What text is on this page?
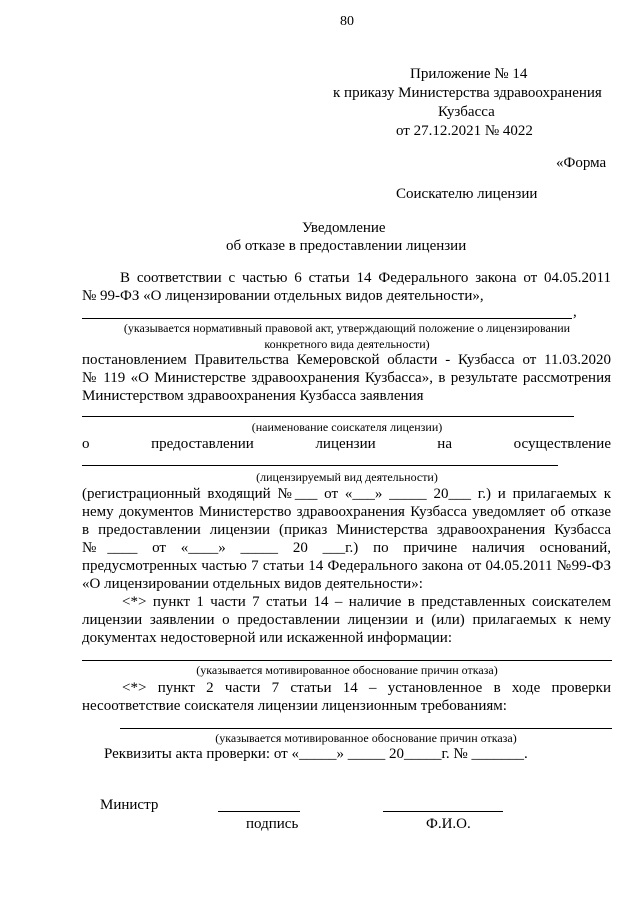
80
Приложение № 14
к приказу Министерства здравоохранения
Кузбасса
от 27.12.2021 № 4022
«Форма
Соискателю лицензии
Уведомление
об отказе в предоставлении лицензии
В соответствии с частью 6 статьи 14 Федерального закона от 04.05.2011
№ 99-ФЗ «О лицензировании отдельных видов деятельности»,
,
(указывается нормативный правовой акт, утверждающий положение о лицензировании
конкретного вида деятельности)
постановлением Правительства Кемеровской области - Кузбасса от 11.03.2020
№ 119 «О Министерстве здравоохранения Кузбасса», в результате рассмотрения
Министерством здравоохранения Кузбасса заявления
(наименование соискателя лицензии)
о	предоставлении	лицензии	на	осуществление
(лицензируемый вид деятельности)
(регистрационный входящий №___ от «___» _____ 20___ г.) и прилагаемых к
нему документов Министерство здравоохранения Кузбасса уведомляет об отказе
в предоставлении лицензии (приказ Министерства здравоохранения Кузбасса
№____ от «____» _____ 20 ___г.) по причине наличия оснований,
предусмотренных частью 7 статьи 14 Федерального закона от 04.05.2011 №99-ФЗ
«О лицензировании отдельных видов деятельности»:
<*> пункт 1 части 7 статьи 14 – наличие в представленных соискателем
лицензии заявлении о предоставлении лицензии и (или) прилагаемых к нему
документах недостоверной или искаженной информации:
(указывается мотивированное обоснование причин отказа)
<*> пункт 2 части 7 статьи 14 – установленное в ходе проверки
несоответствие соискателя лицензии лицензионным требованиям:
(указывается мотивированное обоснование причин отказа)
Реквизиты акта проверки: от «_____» _____ 20_____г. № _______.
Министр
подпись	Ф.И.О.
